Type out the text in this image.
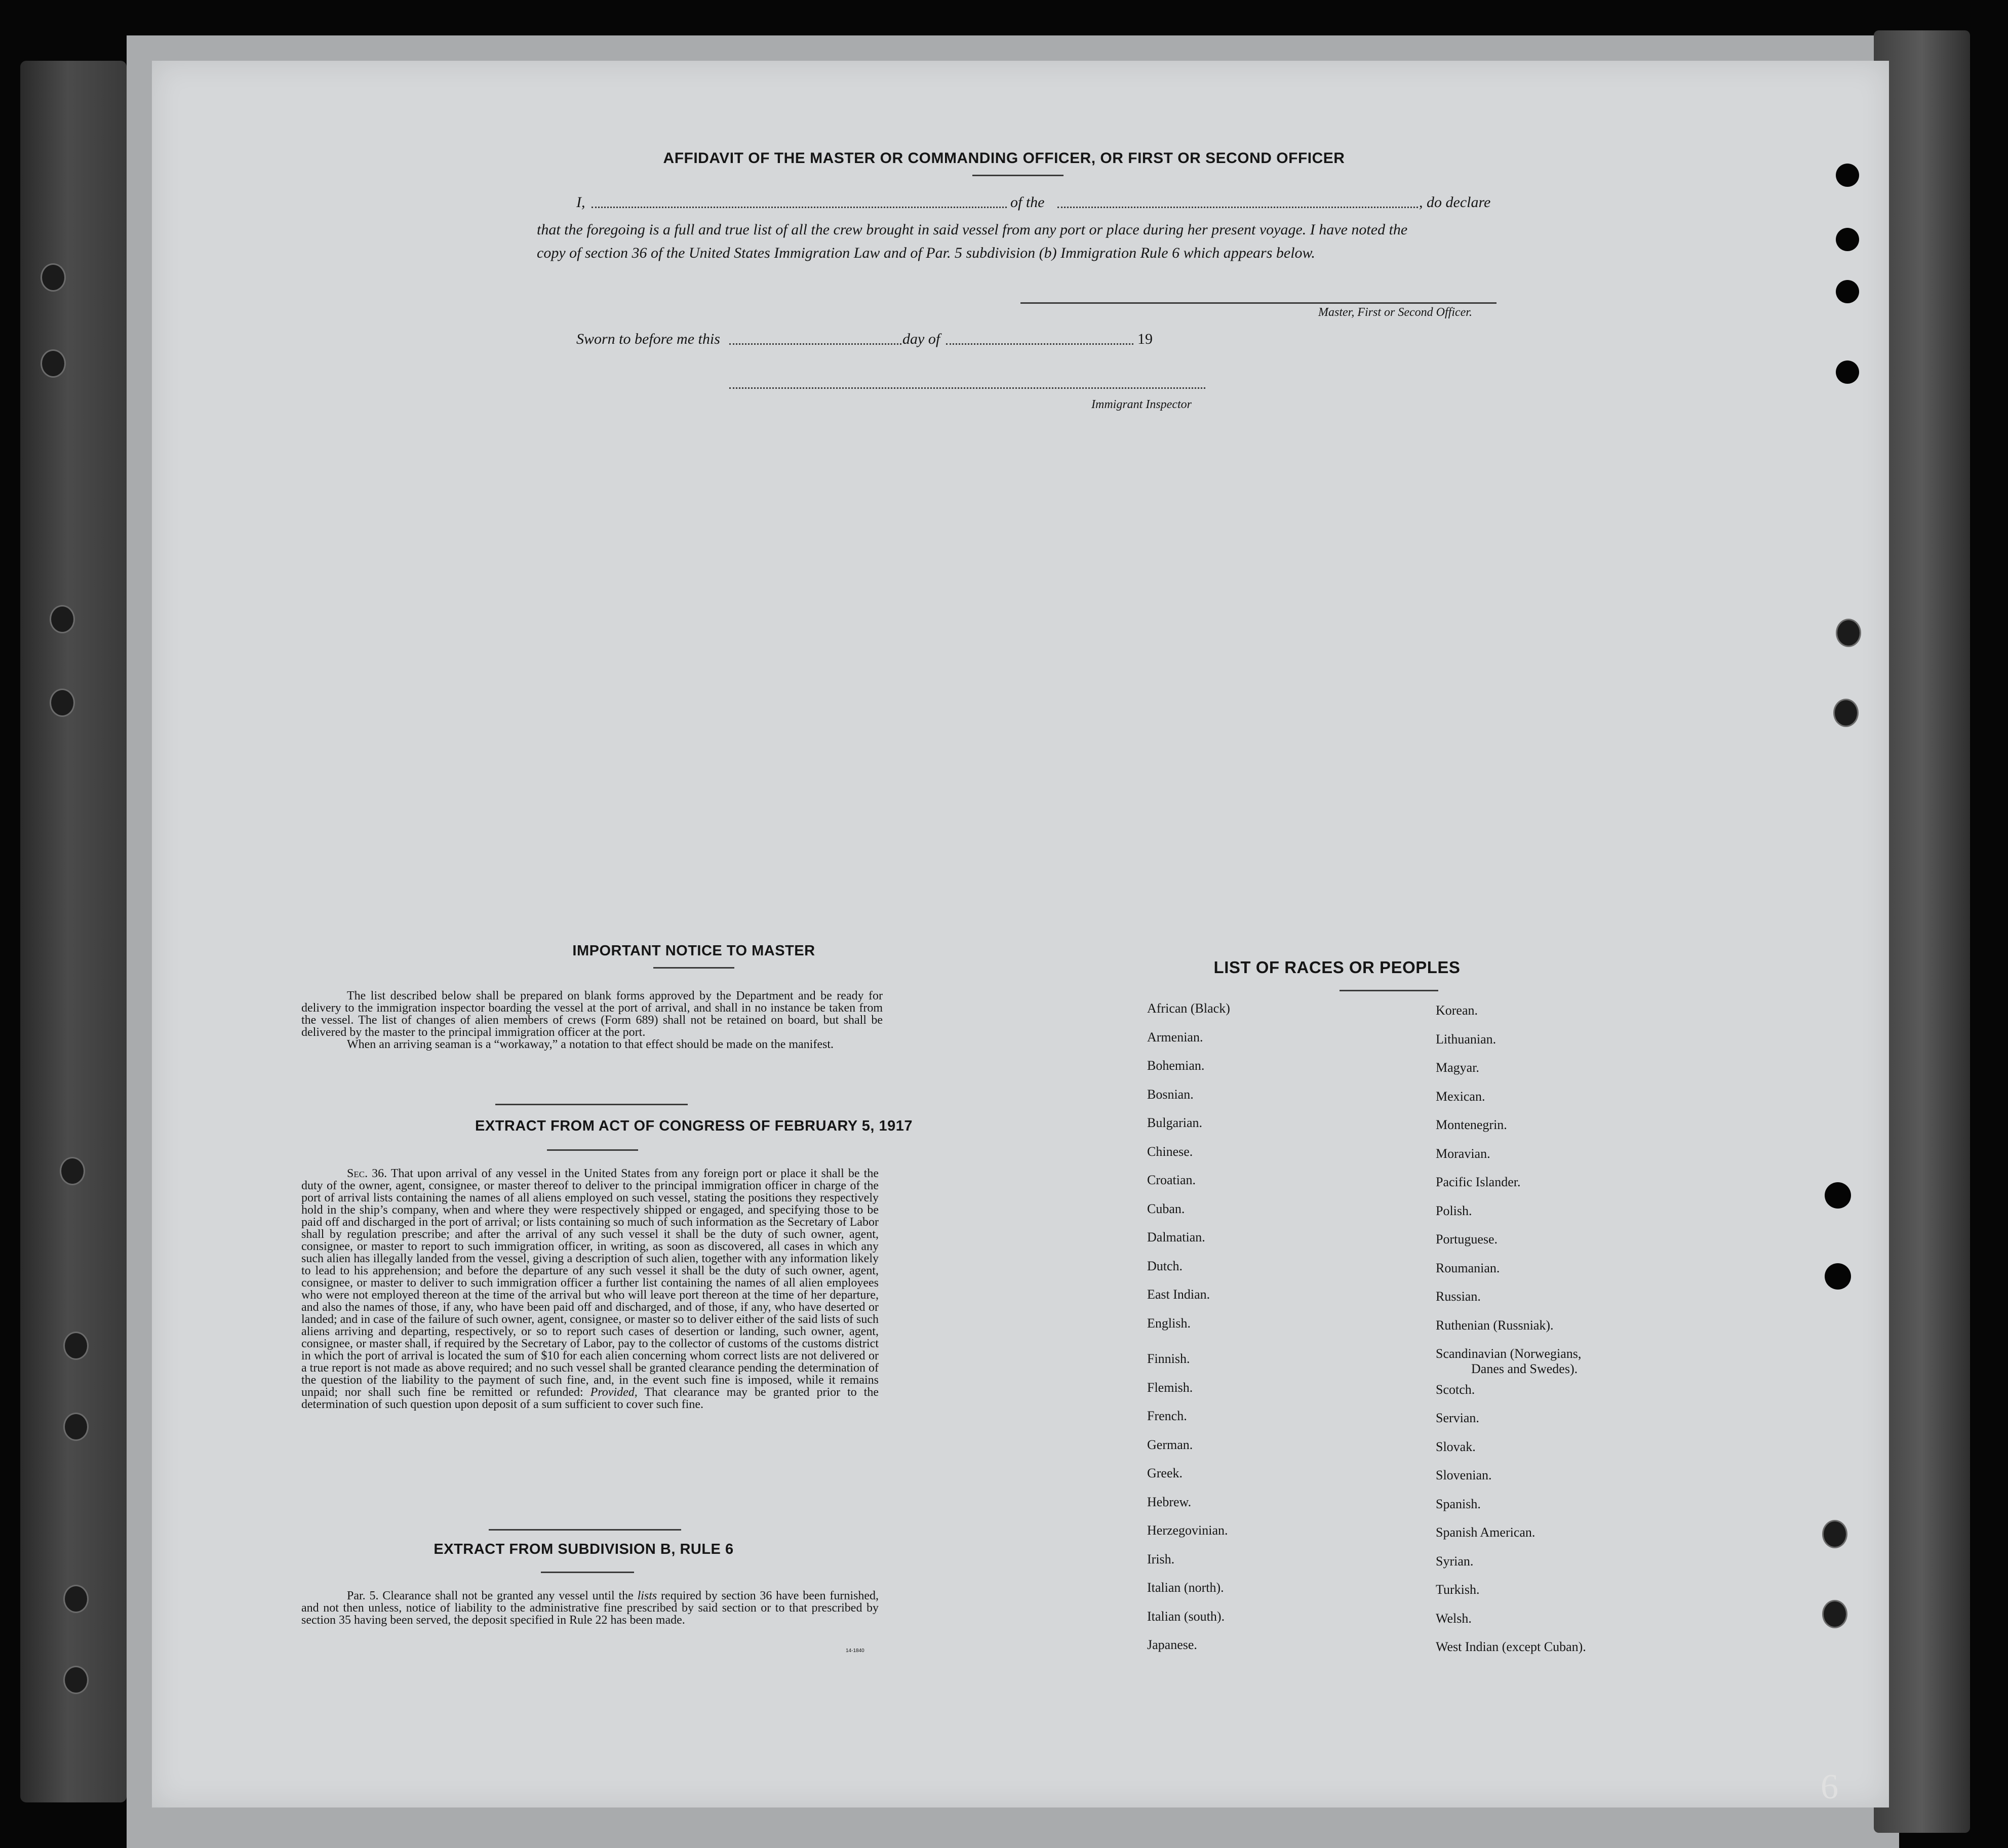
AFFIDAVIT OF THE MASTER OR COMMANDING OFFICER, OR FIRST OR SECOND OFFICER
I,	of the	, do declare
that the foregoing is a full and true list of all the crew brought in said vessel from any port or place during her present voyage. I have noted the
copy of section 36 of the United States Immigration Law and of Par. 5 subdivision (b) Immigration Rule 6 which appears below.
Master, First or Second Officer.
Sworn to before me this	day of	19
Immigrant Inspector
IMPORTANT NOTICE TO MASTER

The list described below shall be prepared on blank forms approved by the Department and be ready for delivery to the immigration inspector boarding the vessel at the port of arrival, and shall in no instance be taken from the vessel. The list of changes of alien members of crews (Form 689) shall not be retained on board, but shall be delivered by the master to the principal immigration officer at the port.

When an arriving seaman is a “workaway,” a notation to that effect should be made on the manifest.

EXTRACT FROM ACT OF CONGRESS OF FEBRUARY 5, 1917

Sec. 36. That upon arrival of any vessel in the United States from any foreign port or place it shall be the duty of the owner, agent, consignee, or master thereof to deliver to the principal immigration officer in charge of the port of arrival lists containing the names of all aliens employed on such vessel, stating the positions they respectively hold in the ship’s company, when and where they were respectively shipped or engaged, and specifying those to be paid off and discharged in the port of arrival; or lists containing so much of such information as the Secretary of Labor shall by regulation prescribe; and after the arrival of any such vessel it shall be the duty of such owner, agent, consignee, or master to report to such immigration officer, in writing, as soon as discovered, all cases in which any such alien has illegally landed from the vessel, giving a description of such alien, together with any information likely to lead to his apprehension; and before the departure of any such vessel it shall be the duty of such owner, agent, consignee, or master to deliver to such immigration officer a further list containing the names of all alien employees who were not employed thereon at the time of the arrival but who will leave port thereon at the time of her departure, and also the names of those, if any, who have been paid off and discharged, and of those, if any, who have deserted or landed; and in case of the failure of such owner, agent, consignee, or master so to deliver either of the said lists of such aliens arriving and departing, respectively, or so to report such cases of desertion or landing, such owner, agent, consignee, or master shall, if required by the Secretary of Labor, pay to the collector of customs of the customs district in which the port of arrival is located the sum of $10 for each alien concerning whom correct lists are not delivered or a true report is not made as above required; and no such vessel shall be granted clearance pending the determination of the question of the liability to the payment of such fine, and, in the event such fine is imposed, while it remains unpaid; nor shall such fine be remitted or refunded: Provided, That clearance may be granted prior to the determination of such question upon deposit of a sum sufficient to cover such fine.

EXTRACT FROM SUBDIVISION B, RULE 6

Par. 5. Clearance shall not be granted any vessel until the lists required by section 36 have been furnished, and not then unless, notice of liability to the administrative fine prescribed by said section or to that prescribed by section 35 having been served, the deposit specified in Rule 22 has been made.

14-1840
LIST OF RACES OR PEOPLES
African (Black)
Armenian.
Bohemian.
Bosnian.
Bulgarian.
Chinese.
Croatian.
Cuban.
Dalmatian.
Dutch.
East Indian.
English.
Finnish.
Flemish.
French.
German.
Greek.
Hebrew.
Herzegovinian.
Irish.
Italian (north).
Italian (south).
Japanese.
Korean.
Lithuanian.
Magyar.
Mexican.
Montenegrin.
Moravian.
Pacific Islander.
Polish.
Portuguese.
Roumanian.
Russian.
Ruthenian (Russniak).
Scandinavian (Norwegians,
Danes and Swedes).
Scotch.
Servian.
Slovak.
Slovenian.
Spanish.
Spanish American.
Syrian.
Turkish.
Welsh.
West Indian (except Cuban).
6
